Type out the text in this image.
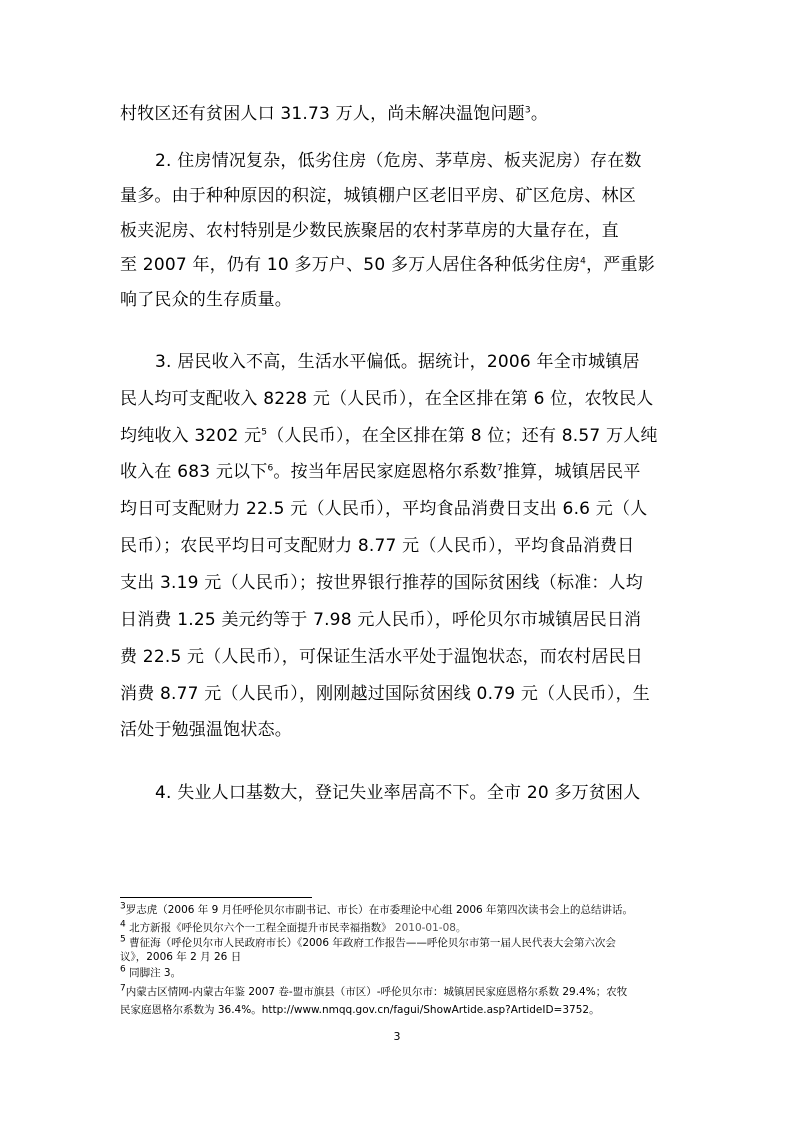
村牧区还有贫困人口 31.73 万人，尚未解决温饱问题$^3$。
2. 住房情况复杂，低劣住房（危房、茅草房、板夹泥房）存在数
量多。由于种种原因的积淀，城镇棚户区老旧平房、矿区危房、林区
板夹泥房、农村特别是少数民族聚居的农村茅草房的大量存在，直
至 2007 年，仍有 10 多万户、50 多万人居住各种低劣住房$^4$，严重影
响了民众的生存质量。
3. 居民收入不高，生活水平偏低。据统计，2006 年全市城镇居
民人均可支配收入 8228 元（人民币），在全区排在第 6 位，农牧民人
均纯收入 3202 元$^5$（人民币），在全区排在第 8 位；还有 8.57 万人纯
收入在 683 元以下$^6$。按当年居民家庭恩格尔系数$^7$推算，城镇居民平
均日可支配财力 22.5 元（人民币），平均食品消费日支出 6.6 元（人
民币）；农民平均日可支配财力 8.77 元（人民币），平均食品消费日
支出 3.19 元（人民币）；按世界银行推荐的国际贫困线（标准：人均
日消费 1.25 美元约等于 7.98 元人民币），呼伦贝尔市城镇居民日消
费 22.5 元（人民币），可保证生活水平处于温饱状态，而农村居民日
消费 8.77 元（人民币），刚刚越过国际贫困线 0.79 元（人民币），生
活处于勉强温饱状态。
4. 失业人口基数大，登记失业率居高不下。全市 20 多万贫困人
$^3$罗志虎（2006 年 9 月任呼伦贝尔市副书记、市长）在市委理论中心组 2006 年第四次读书会上的总结讲话。
$^4$ 北方新报《呼伦贝尔六个一工程全面提升市民幸福指数》 2010-01-08。
$^5$ 曹征海（呼伦贝尔市人民政府市长）《2006 年政府工作报告——呼伦贝尔市第一届人民代表大会第六次会
议》，2006 年 2 月 26 日
$^6$ 同脚注 3。
$^7$内蒙古区情网-内蒙古年鉴 2007 卷-盟市旗县（市区）-呼伦贝尔市：城镇居民家庭恩格尔系数 29.4%；农牧
民家庭恩格尔系数为 36.4%。http://www.nmqq.gov.cn/fagui/ShowArtide.asp?ArtideID=3752。
3
